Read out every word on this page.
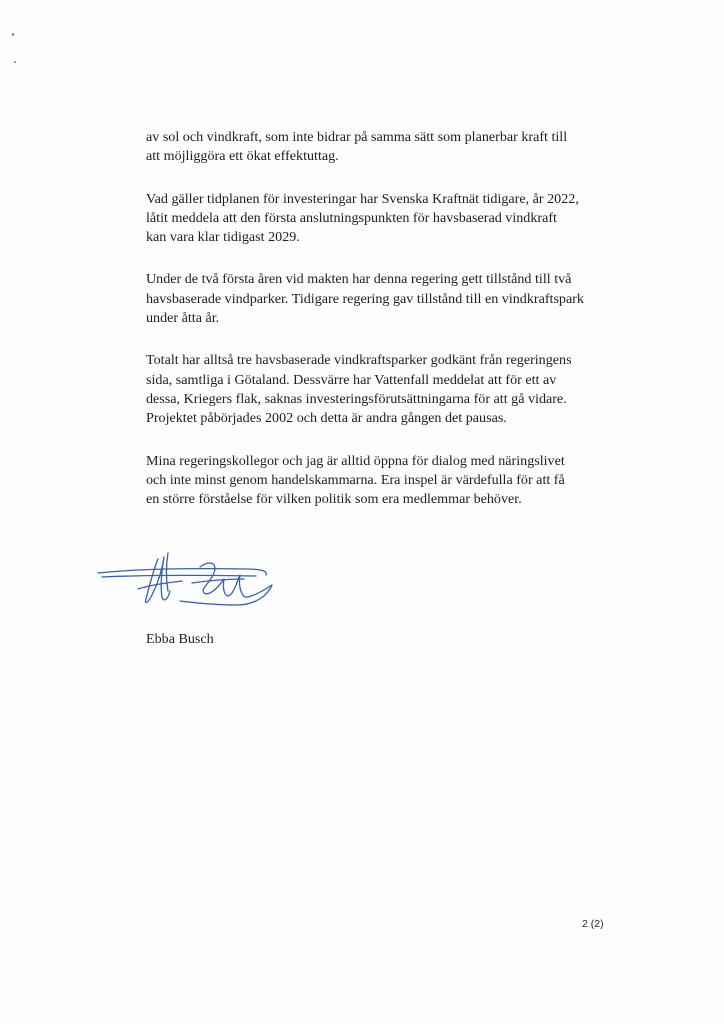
av sol och vindkraft, som inte bidrar på samma sätt som planerbar kraft till
att möjliggöra ett ökat effektuttag.

Vad gäller tidplanen för investeringar har Svenska Kraftnät tidigare, år 2022,
låtit meddela att den första anslutningspunkten för havsbaserad vindkraft
kan vara klar tidigast 2029.

Under de två första åren vid makten har denna regering gett tillstånd till två
havsbaserade vindparker. Tidigare regering gav tillstånd till en vindkraftspark
under åtta år.

Totalt har alltså tre havsbaserade vindkraftsparker godkänt från regeringens
sida, samtliga i Götaland. Dessvärre har Vattenfall meddelat att för ett av
dessa, Kriegers flak, saknas investeringsförutsättningarna för att gå vidare.
Projektet påbörjades 2002 och detta är andra gången det pausas.

Mina regeringskollegor och jag är alltid öppna för dialog med näringslivet
och inte minst genom handelskammarna. Era inspel är värdefulla för att få
en större förståelse för vilken politik som era medlemmar behöver.

Ebba Busch
2 (2)
